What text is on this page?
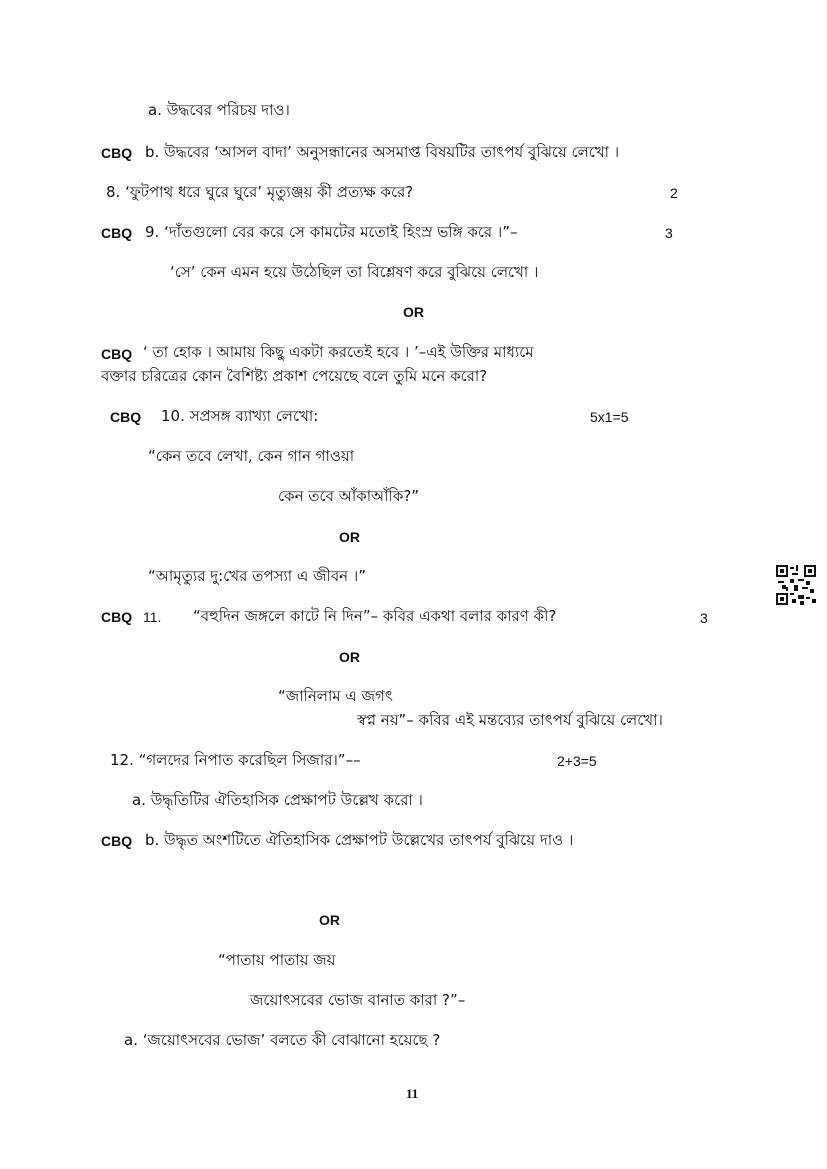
a. উদ্ধবের পরিচয় দাও।
CBQ b. উদ্ধবের ‘আসল বাদা’ অনুসন্ধানের অসমাপ্ত বিষয়টির তাৎপর্য বুঝিয়ে লেখো ।
8. ‘ফুটপাথ ধরে ঘুরে ঘুরে’ মৃত্যুঞ্জয় কী প্রত্যক্ষ করে?	2
CBQ 9. ‘দাঁতগুলো বের করে সে কামটের মতোই হিংস্র ভঙ্গি করে ।”–	3
‘সে’ কেন এমন হয়ে উঠেছিল তা বিশ্লেষণ করে বুঝিয়ে লেখো ।
OR
CBQ ‘ তা হোক । আমায় কিছু একটা করতেই হবে । ’–এই উক্তির মাধ্যমে
বক্তার চরিত্রের কোন বৈশিষ্ট্য প্রকাশ পেয়েছে বলে তুমি মনে করো?
CBQ 10. সপ্রসঙ্গ ব্যাখ্যা লেখো:	5x1=5
“কেন তবে লেখা, কেন গান গাওয়া
কেন তবে আঁকাআঁকি?”
OR
“আমৃত্যুর দু:খের তপস্যা এ জীবন ।”
CBQ 11. “বহুদিন জঙ্গলে কাটে নি দিন”– কবির একথা বলার কারণ কী?	3
OR
“জানিলাম এ জগৎ
স্বপ্ন নয়”– কবির এই মন্তব্যের তাৎপর্য বুঝিয়ে লেখো।
12. “গলদের নিপাত করেছিল সিজার।”––	2+3=5
a. উদ্ধৃতিটির ঐতিহাসিক প্রেক্ষাপট উল্লেখ করো ।
CBQ b. উদ্ধৃত অংশটিতে ঐতিহাসিক প্রেক্ষাপট উল্লেখের তাৎপর্য বুঝিয়ে দাও ।
OR
“পাতায় পাতায় জয়
জয়োৎসবের ভোজ বানাত কারা ?”–
a. ‘জয়োৎসবের ভোজ’ বলতে কী বোঝানো হয়েছে ?
11
